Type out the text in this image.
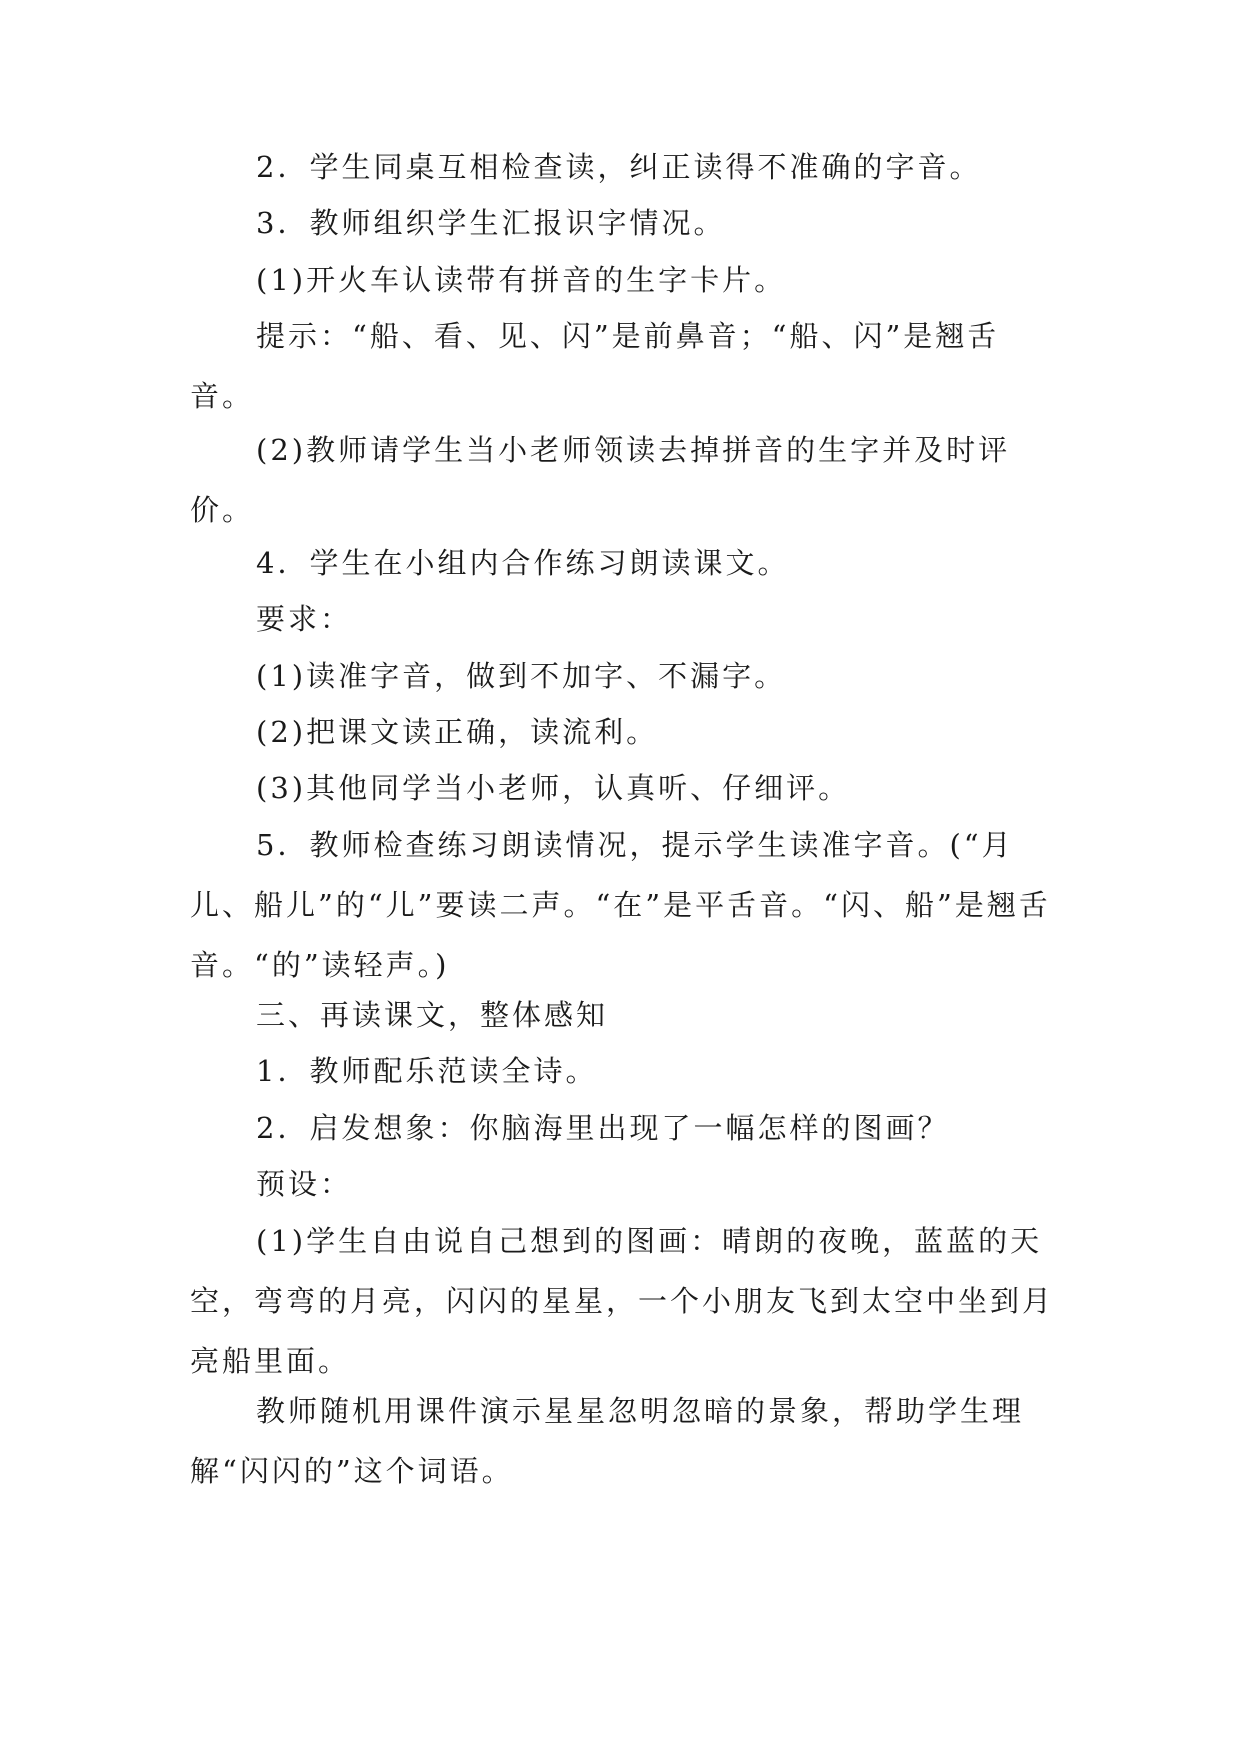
2．学生同桌互相检查读，纠正读得不准确的字音。

3．教师组织学生汇报识字情况。

(1)开火车认读带有拼音的生字卡片。

提示：“船、看、见、闪”是前鼻音；“船、闪”是翘舌音。

(2)教师请学生当小老师领读去掉拼音的生字并及时评价。

4．学生在小组内合作练习朗读课文。

要求：

(1)读准字音，做到不加字、不漏字。

(2)把课文读正确，读流利。

(3)其他同学当小老师，认真听、仔细评。

5．教师检查练习朗读情况，提示学生读准字音。(“月儿、船儿”的“儿”要读二声。“在”是平舌音。“闪、船”是翘舌音。“的”读轻声。)

三、再读课文，整体感知

1．教师配乐范读全诗。

2．启发想象：你脑海里出现了一幅怎样的图画？

预设：

(1)学生自由说自己想到的图画：晴朗的夜晚，蓝蓝的天空，弯弯的月亮，闪闪的星星，一个小朋友飞到太空中坐到月亮船里面。

教师随机用课件演示星星忽明忽暗的景象，帮助学生理解“闪闪的”这个词语。
